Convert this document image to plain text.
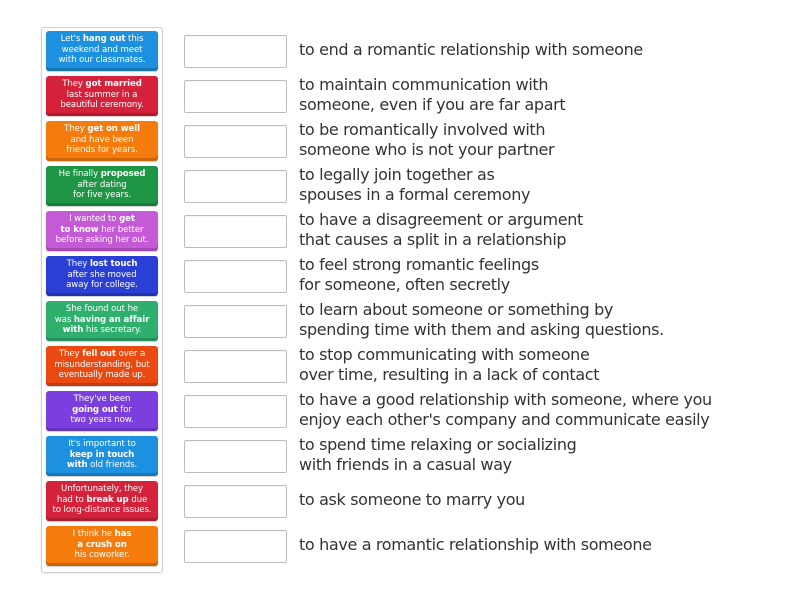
Let's hang out this
weekend and meet
with our classmates.
They got married
last summer in a
beautiful ceremony.
They get on well
and have been
friends for years.
He finally proposed
after dating
for five years.
I wanted to get
to know her better
before asking her out.
They lost touch
after she moved
away for college.
She found out he
was having an affair
with his secretary.
They fell out over a
misunderstanding, but
eventually made up.
They've been
going out for
two years now.
It's important to
keep in touch
with old friends.
Unfortunately, they
had to break up due
to long-distance issues.
I think he has
a crush on
his coworker.
to end a romantic relationship with someone
to maintain communication with
someone, even if you are far apart
to be romantically involved with
someone who is not your partner
to legally join together as
spouses in a formal ceremony
to have a disagreement or argument
that causes a split in a relationship
to feel strong romantic feelings
for someone, often secretly
to learn about someone or something by
spending time with them and asking questions.
to stop communicating with someone
over time, resulting in a lack of contact
to have a good relationship with someone, where you
enjoy each other's company and communicate easily
to spend time relaxing or socializing
with friends in a casual way
to ask someone to marry you
to have a romantic relationship with someone
